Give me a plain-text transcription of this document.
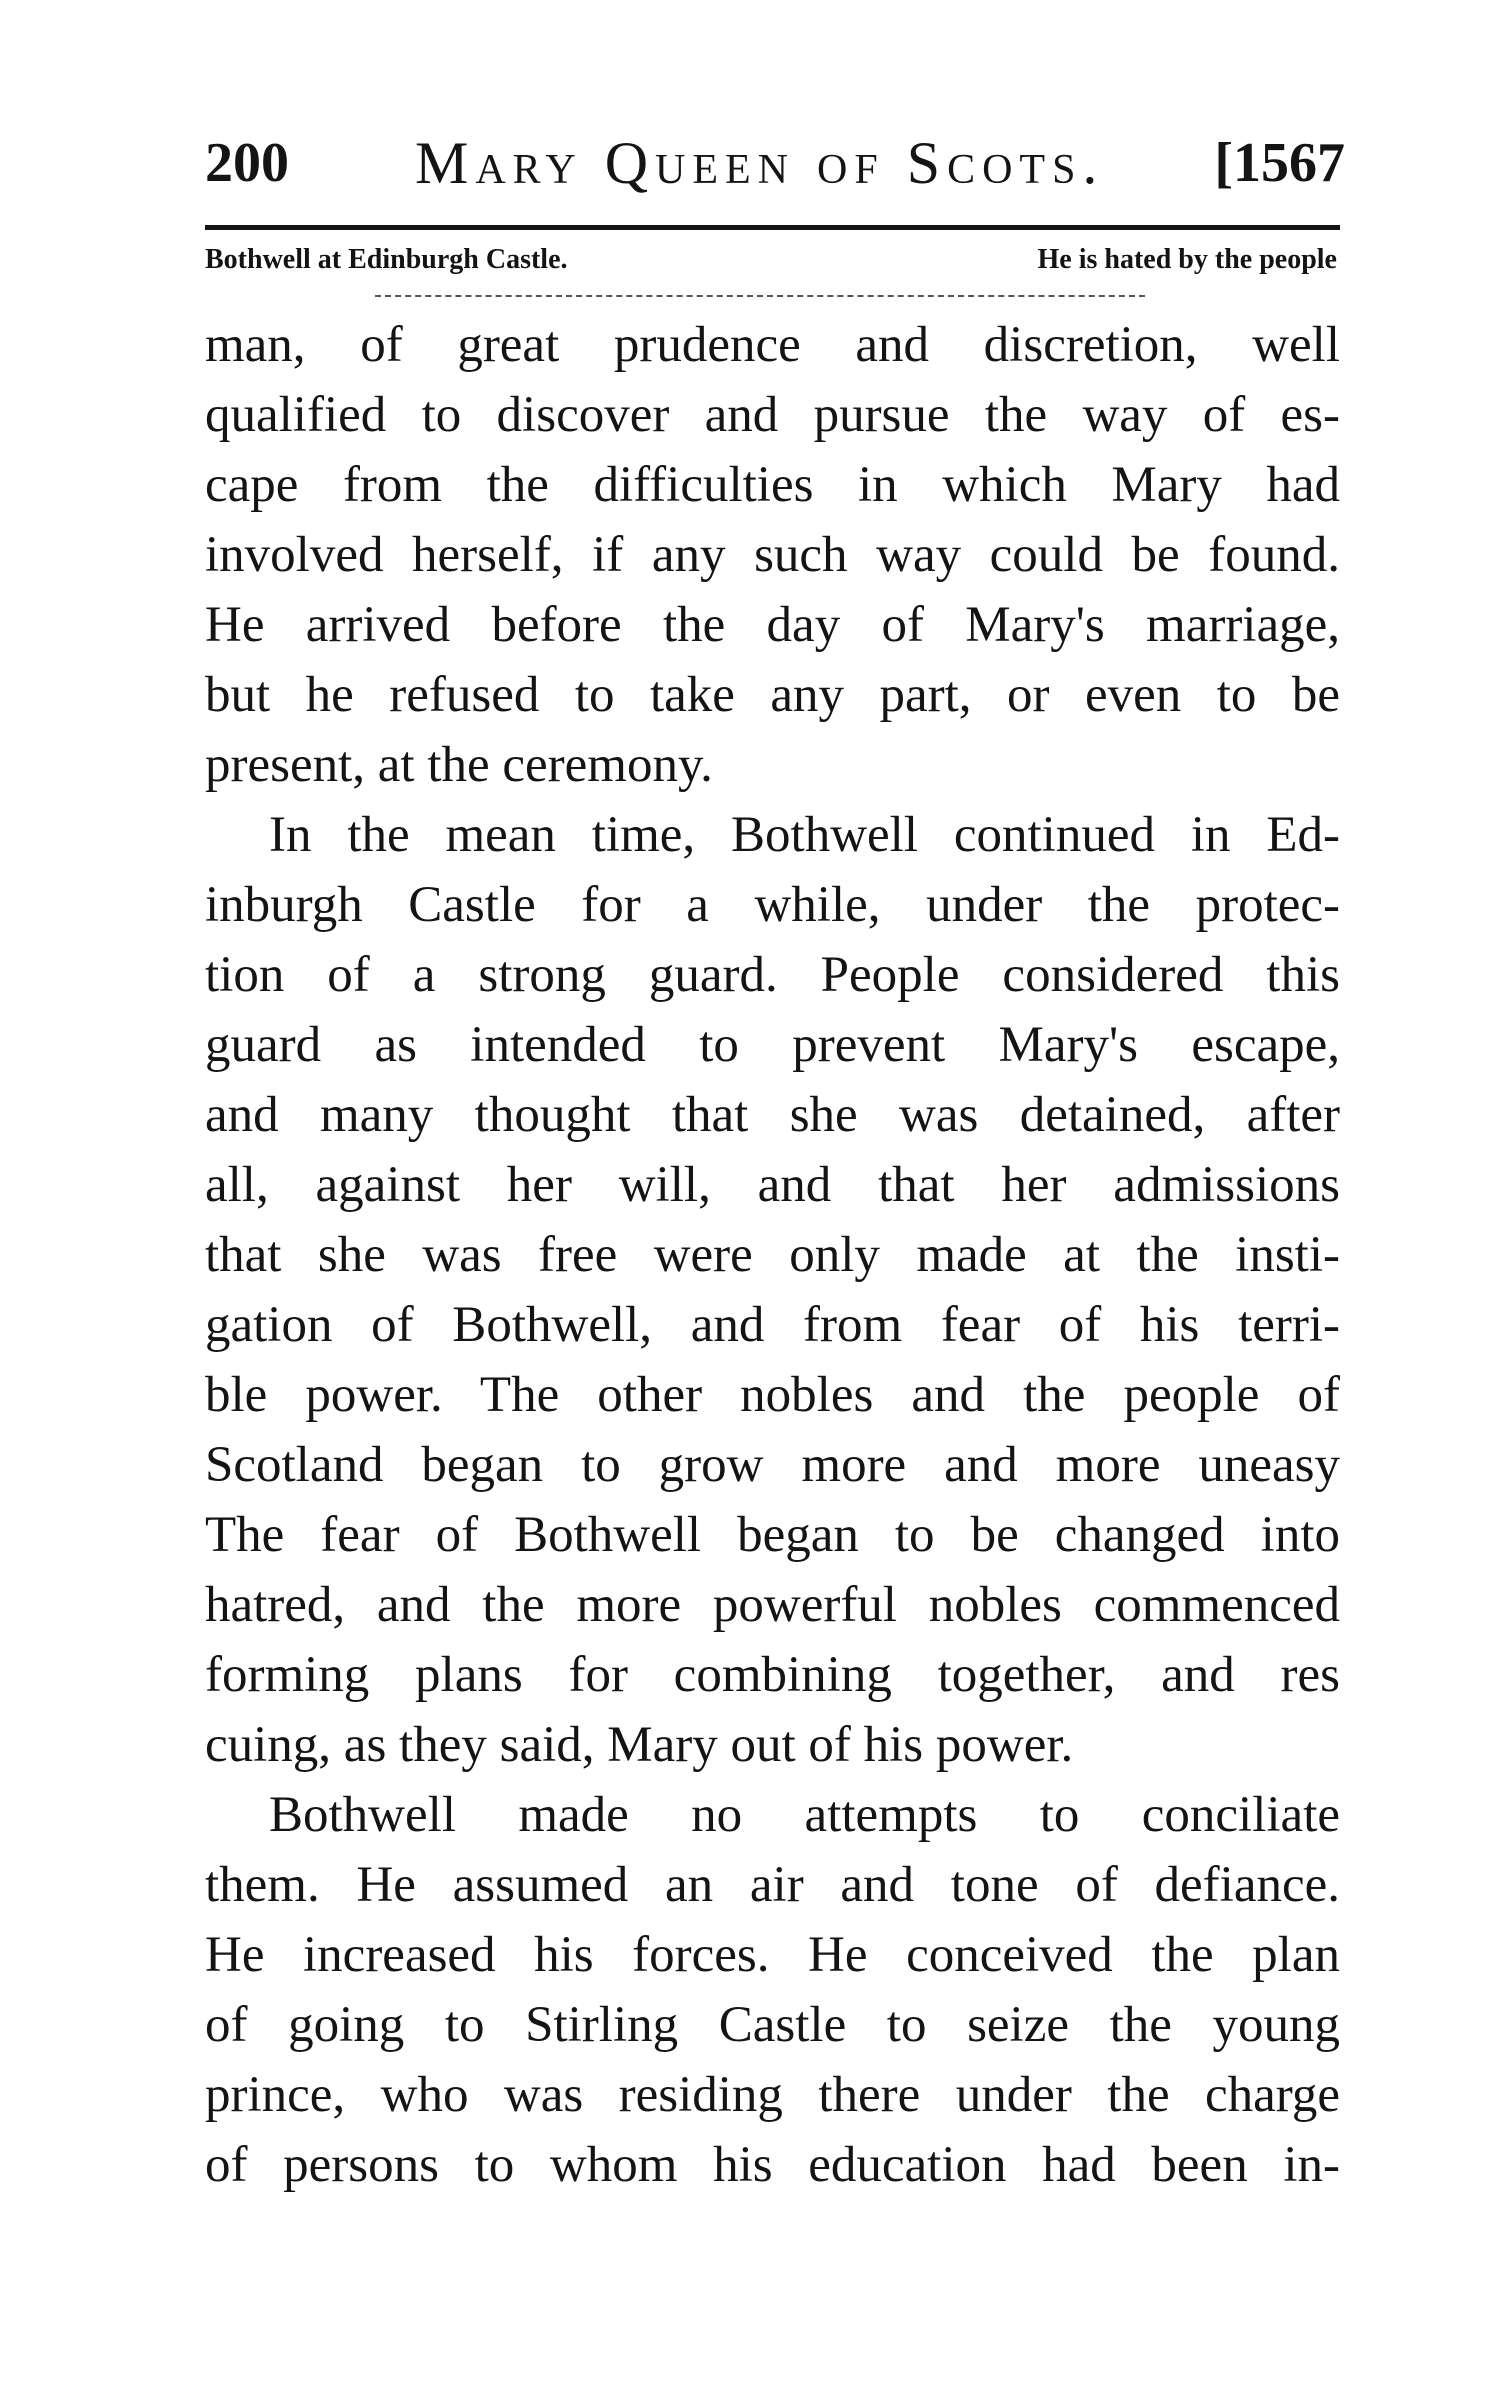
200 Mary Queen of Scots. [1567
Bothwell at Edinburgh Castle.	He is hated by the people

man, of great prudence and discretion, well

qualified to discover and pursue the way of es-

cape from the difficulties in which Mary had

involved herself, if any such way could be found.

He arrived before the day of Mary's marriage,

but he refused to take any part, or even to be

present, at the ceremony.

In the mean time, Bothwell continued in Ed-

inburgh Castle for a while, under the protec-

tion of a strong guard. People considered this

guard as intended to prevent Mary's escape,

and many thought that she was detained, after

all, against her will, and that her admissions

that she was free were only made at the insti-

gation of Bothwell, and from fear of his terri-

ble power. The other nobles and the people of

Scotland began to grow more and more uneasy

The fear of Bothwell began to be changed into

hatred, and the more powerful nobles commenced

forming plans for combining together, and res

cuing, as they said, Mary out of his power.

Bothwell made no attempts to conciliate

them. He assumed an air and tone of defiance.

He increased his forces. He conceived the plan

of going to Stirling Castle to seize the young

prince, who was residing there under the charge

of persons to whom his education had been in-
